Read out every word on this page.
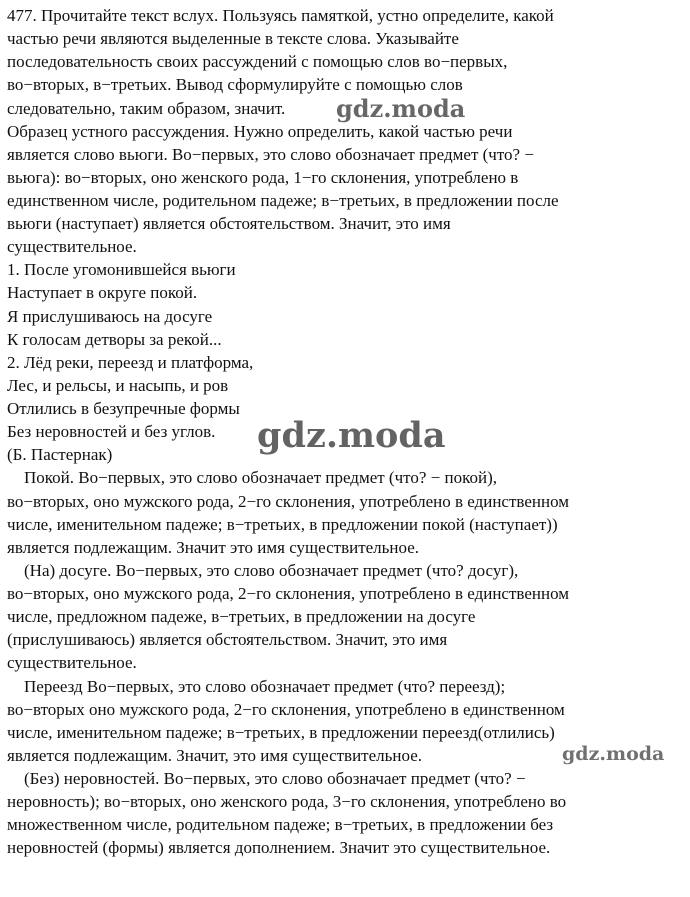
477. Прочитайте текст вслух. Пользуясь памяткой, устно определите, какой
частью речи являются выделенные в тексте слова. Указывайте
последовательность своих рассуждений с помощью слов во−первых,
во−вторых, в−третьих. Вывод сформулируйте с помощью слов
следовательно, таким образом, значит.
Образец устного рассуждения. Нужно определить, какой частью речи
является слово вьюги. Во−первых, это слово обозначает предмет (что? −
вьюга): во−вторых, оно женского рода, 1−го склонения, употреблено в
единственном числе, родительном падеже; в−третьих, в предложении после
вьюги (наступает) является обстоятельством. Значит, это имя
существительное.
1. После угомонившейся вьюги
Наступает в округе покой.
Я прислушиваюсь на досуге
К голосам детворы за рекой...
2. Лёд реки, переезд и платформа,
Лес, и рельсы, и насыпь, и ров
Отлились в безупречные формы
Без неровностей и без углов.
(Б. Пастернак)
Покой. Во−первых, это слово обозначает предмет (что? − покой),
во−вторых, оно мужского рода, 2−го склонения, употреблено в единственном
числе, именительном падеже; в−третьих, в предложении покой (наступает))
является подлежащим. Значит это имя существительное.
(На) досуге. Во−первых, это слово обозначает предмет (что? досуг),
во−вторых, оно мужского рода, 2−го склонения, употреблено в единственном
числе, предложном падеже, в−третьих, в предложении на досуге
(прислушиваюсь) является обстоятельством. Значит, это имя
существительное.
Переезд Во−первых, это слово обозначает предмет (что? переезд);
во−вторых оно мужского рода, 2−го склонения, употреблено в единственном
числе, именительном падеже; в−третьих, в предложении переезд(отлились)
является подлежащим. Значит, это имя существительное.
(Без) неровностей. Во−первых, это слово обозначает предмет (что? −
неровность); во−вторых, оно женского рода, 3−го склонения, употреблено во
множественном числе, родительном падеже; в−третьих, в предложении без
неровностей (формы) является дополнением. Значит это существительное.
gdz.moda
gdz.moda
gdz.moda
